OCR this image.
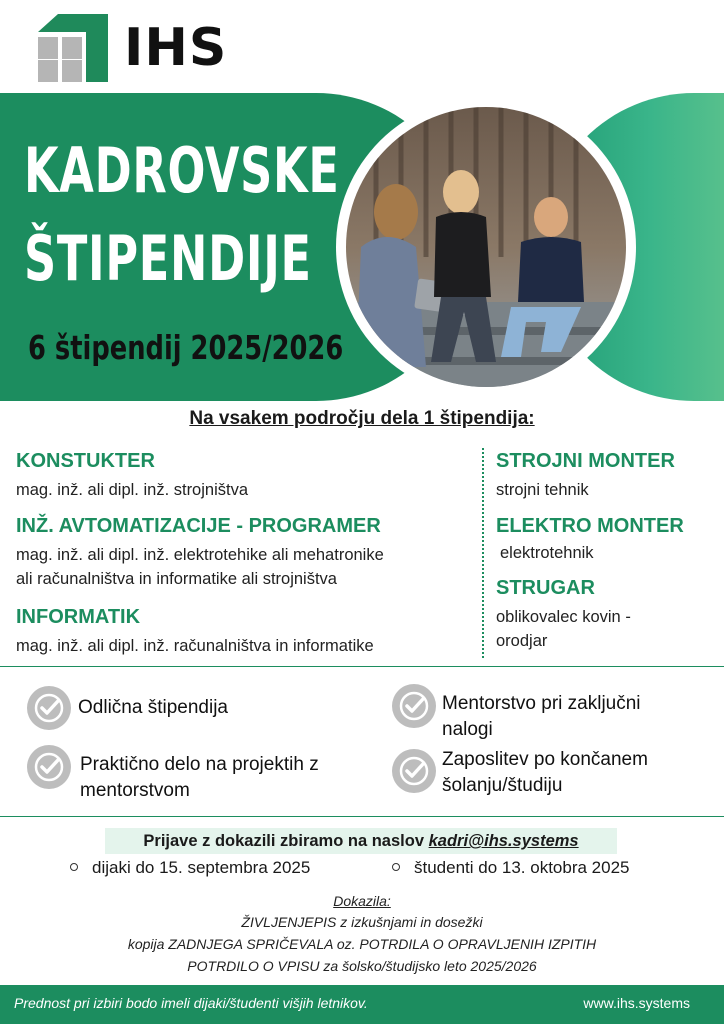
IHS
KADROVSKE
ŠTIPENDIJE
6 štipendij 2025/2026
Na vsakem področju dela 1 štipendija:
KONSTUKTER
mag. inž. ali dipl. inž. strojništva
INŽ. AVTOMATIZACIJE - PROGRAMER
mag. inž. ali dipl. inž. elektrotehike ali mehatronike
ali računalništva in informatike ali strojništva
INFORMATIK
mag. inž. ali dipl. inž. računalništva in informatike
STROJNI MONTER
strojni tehnik
ELEKTRO MONTER
elektrotehnik
STRUGAR
oblikovalec kovin -
orodjar
Odlična štipendija	Mentorstvo pri zaključni
nalogi
Praktično delo na projektih z
mentorstvom
Zaposlitev po končanem
šolanju/študiju
Prijave z dokazili zbiramo na naslov kadri@ihs.systems
dijaki do 15. septembra 2025	študenti do 13. oktobra 2025
Dokazila:
ŽIVLJENJEPIS z izkušnjami in dosežki
kopija ZADNJEGA SPRIČEVALA oz. POTRDILA O OPRAVLJENIH IZPITIH
POTRDILO O VPISU za šolsko/študijsko leto 2025/2026
Prednost pri izbiri bodo imeli dijaki/študenti višjih letnikov.	www.ihs.systems
